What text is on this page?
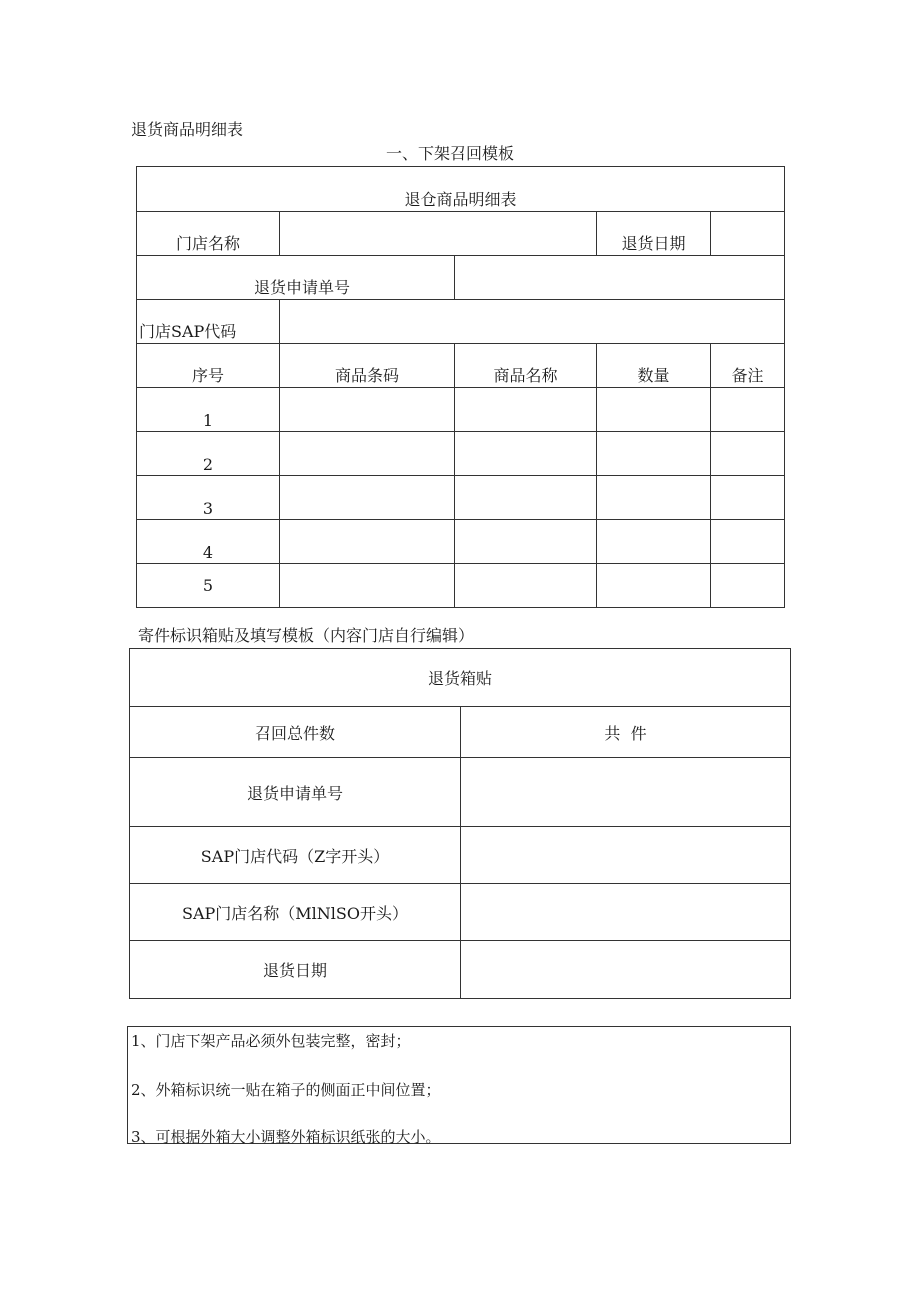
退货商品明细表
一、下架召回模板
退仓商品明细表				

门店名称			退货日期	

退货申请单号				

门店SAP代码				

序号	商品条码	商品名称	数量	备注

1				

2				

3				

4				

5				

寄件标识箱贴及填写模板（内容门店自行编辑）
退货箱贴	
召回总件数	共  件
退货申请单号	
SAP门店代码（Z字开头）	
SAP门店名称（MlNlSO开头）	
退货日期	
1、门店下架产品必须外包装完整，密封；
2、外箱标识统一贴在箱子的侧面正中间位置；
3、可根据外箱大小调整外箱标识纸张的大小。
